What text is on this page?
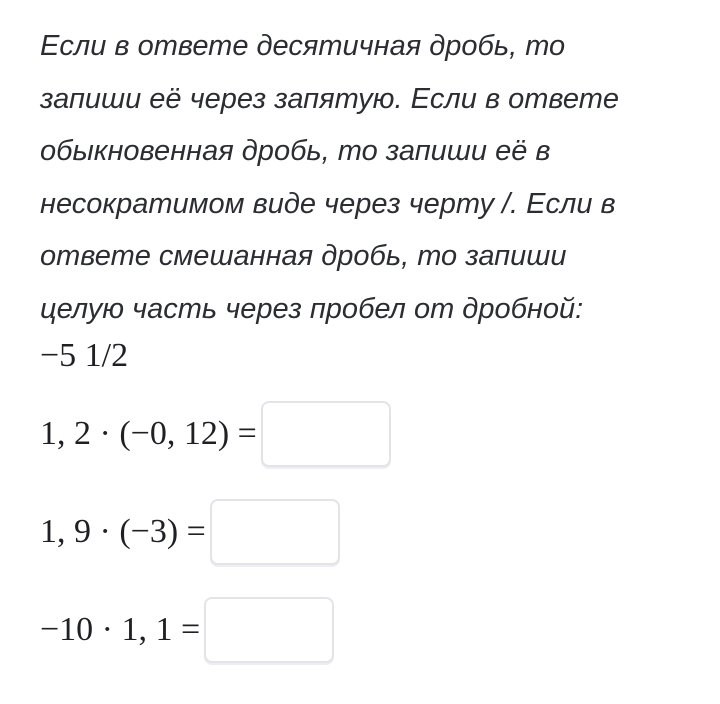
Если в ответе десятичная дробь, то
запиши её через запятую. Если в ответе
обыкновенная дробь, то запиши её в
несократимом виде через черту /. Если в
ответе смешанная дробь, то запиши
целую часть через пробел от дробной:
−5 1/2
1, 2 · (−0, 12) =
1, 9 · (−3) =
−10 · 1, 1 =
